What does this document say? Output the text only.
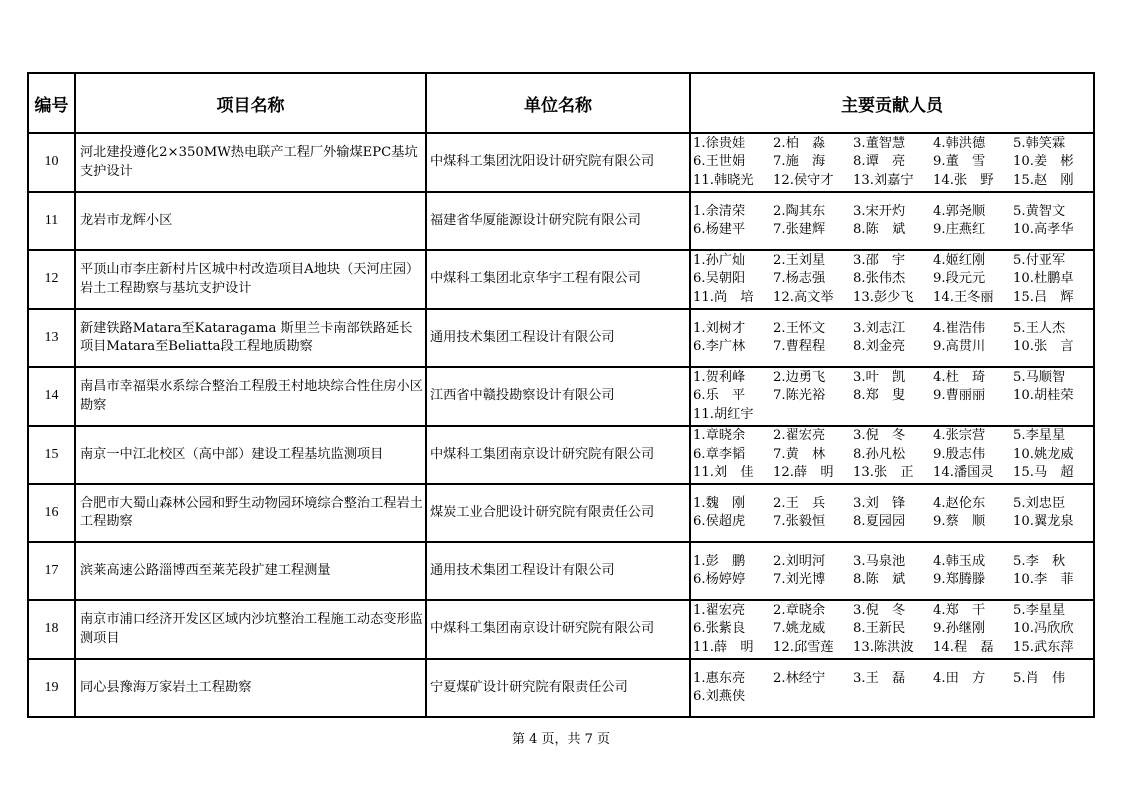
编号	项目名称	单位名称	主要贡献人员
10	河北建投遵化2×350MW热电联产工程厂外输煤EPC基坑支护设计	中煤科工集团沈阳设计研究院有限公司	
1.徐贵娃	2.柏　淼	3.董智慧	4.韩洪德	5.韩笑霖
6.王世娟	7.施　海	8.谭　亮	9.董　雪	10.姜　彬
11.韩晓光	12.侯守才	13.刘嘉宁	14.张　野	15.赵　刚

11	龙岩市龙辉小区	福建省华厦能源设计研究院有限公司	
1.余清荣	2.陶其东	3.宋开灼	4.郭尧顺	5.黄智文
6.杨建平	7.张建辉	8.陈　斌	9.庄燕红	10.高孝华

12	平顶山市李庄新村片区城中村改造项目A地块（天河庄园）岩土工程勘察与基坑支护设计	中煤科工集团北京华宇工程有限公司	
1.孙广灿	2.王刘星	3.邵　宇	4.姬红刚	5.付亚军
6.吴朝阳	7.杨志强	8.张伟杰	9.段元元	10.杜鹏卓
11.尚　培	12.高文举	13.彭少飞	14.王冬丽	15.吕　辉

13	新建铁路Matara至Kataragama 斯里兰卡南部铁路延长项目Matara至Beliatta段工程地质勘察	通用技术集团工程设计有限公司	
1.刘树才	2.王怀文	3.刘志江	4.崔浩伟	5.王人杰
6.李广林	7.曹程程	8.刘金亮	9.高贯川	10.张　言

14	南昌市幸福渠水系综合整治工程殷王村地块综合性住房小区勘察	江西省中赣投勘察设计有限公司	
1.贺利峰	2.边勇飞	3.叶　凯	4.杜　琦	5.马顺智
6.乐　平	7.陈光裕	8.郑　叟	9.曹丽丽	10.胡桂荣
11.胡红宇

15	南京一中江北校区（高中部）建设工程基坑监测项目	中煤科工集团南京设计研究院有限公司	
1.章晓余	2.翟宏亮	3.倪　冬	4.张宗营	5.李星星
6.章李韬	7.黄　林	8.孙凡松	9.殷志伟	10.姚龙威
11.刘　佳	12.薛　明	13.张　正	14.潘国灵	15.马　超

16	合肥市大蜀山森林公园和野生动物园环境综合整治工程岩土工程勘察	煤炭工业合肥设计研究院有限责任公司	
1.魏　刚	2.王　兵	3.刘　锋	4.赵伦东	5.刘忠臣
6.侯超虎	7.张毅恒	8.夏园园	9.蔡　顺	10.翼龙泉

17	滨莱高速公路淄博西至莱芜段扩建工程测量	通用技术集团工程设计有限公司	
1.彭　鹏	2.刘明河	3.马泉池	4.韩玉成	5.李　秋
6.杨婷婷	7.刘光博	8.陈　斌	9.郑腾滕	10.李　菲

18	南京市浦口经济开发区区域内沙坑整治工程施工动态变形监测项目	中煤科工集团南京设计研究院有限公司	
1.翟宏亮	2.章晓余	3.倪　冬	4.郑　干	5.李星星
6.张紫良	7.姚龙威	8.王新民	9.孙继刚	10.冯欣欣
11.薛　明	12.邱雪莲	13.陈洪波	14.程　磊	15.武东萍

19	同心县豫海万家岩土工程勘察	宁夏煤矿设计研究院有限责任公司	
1.惠东亮	2.林经宁	3.王　磊	4.田　方	5.肖　伟
6.刘燕侠
第 4 页，共 7 页
